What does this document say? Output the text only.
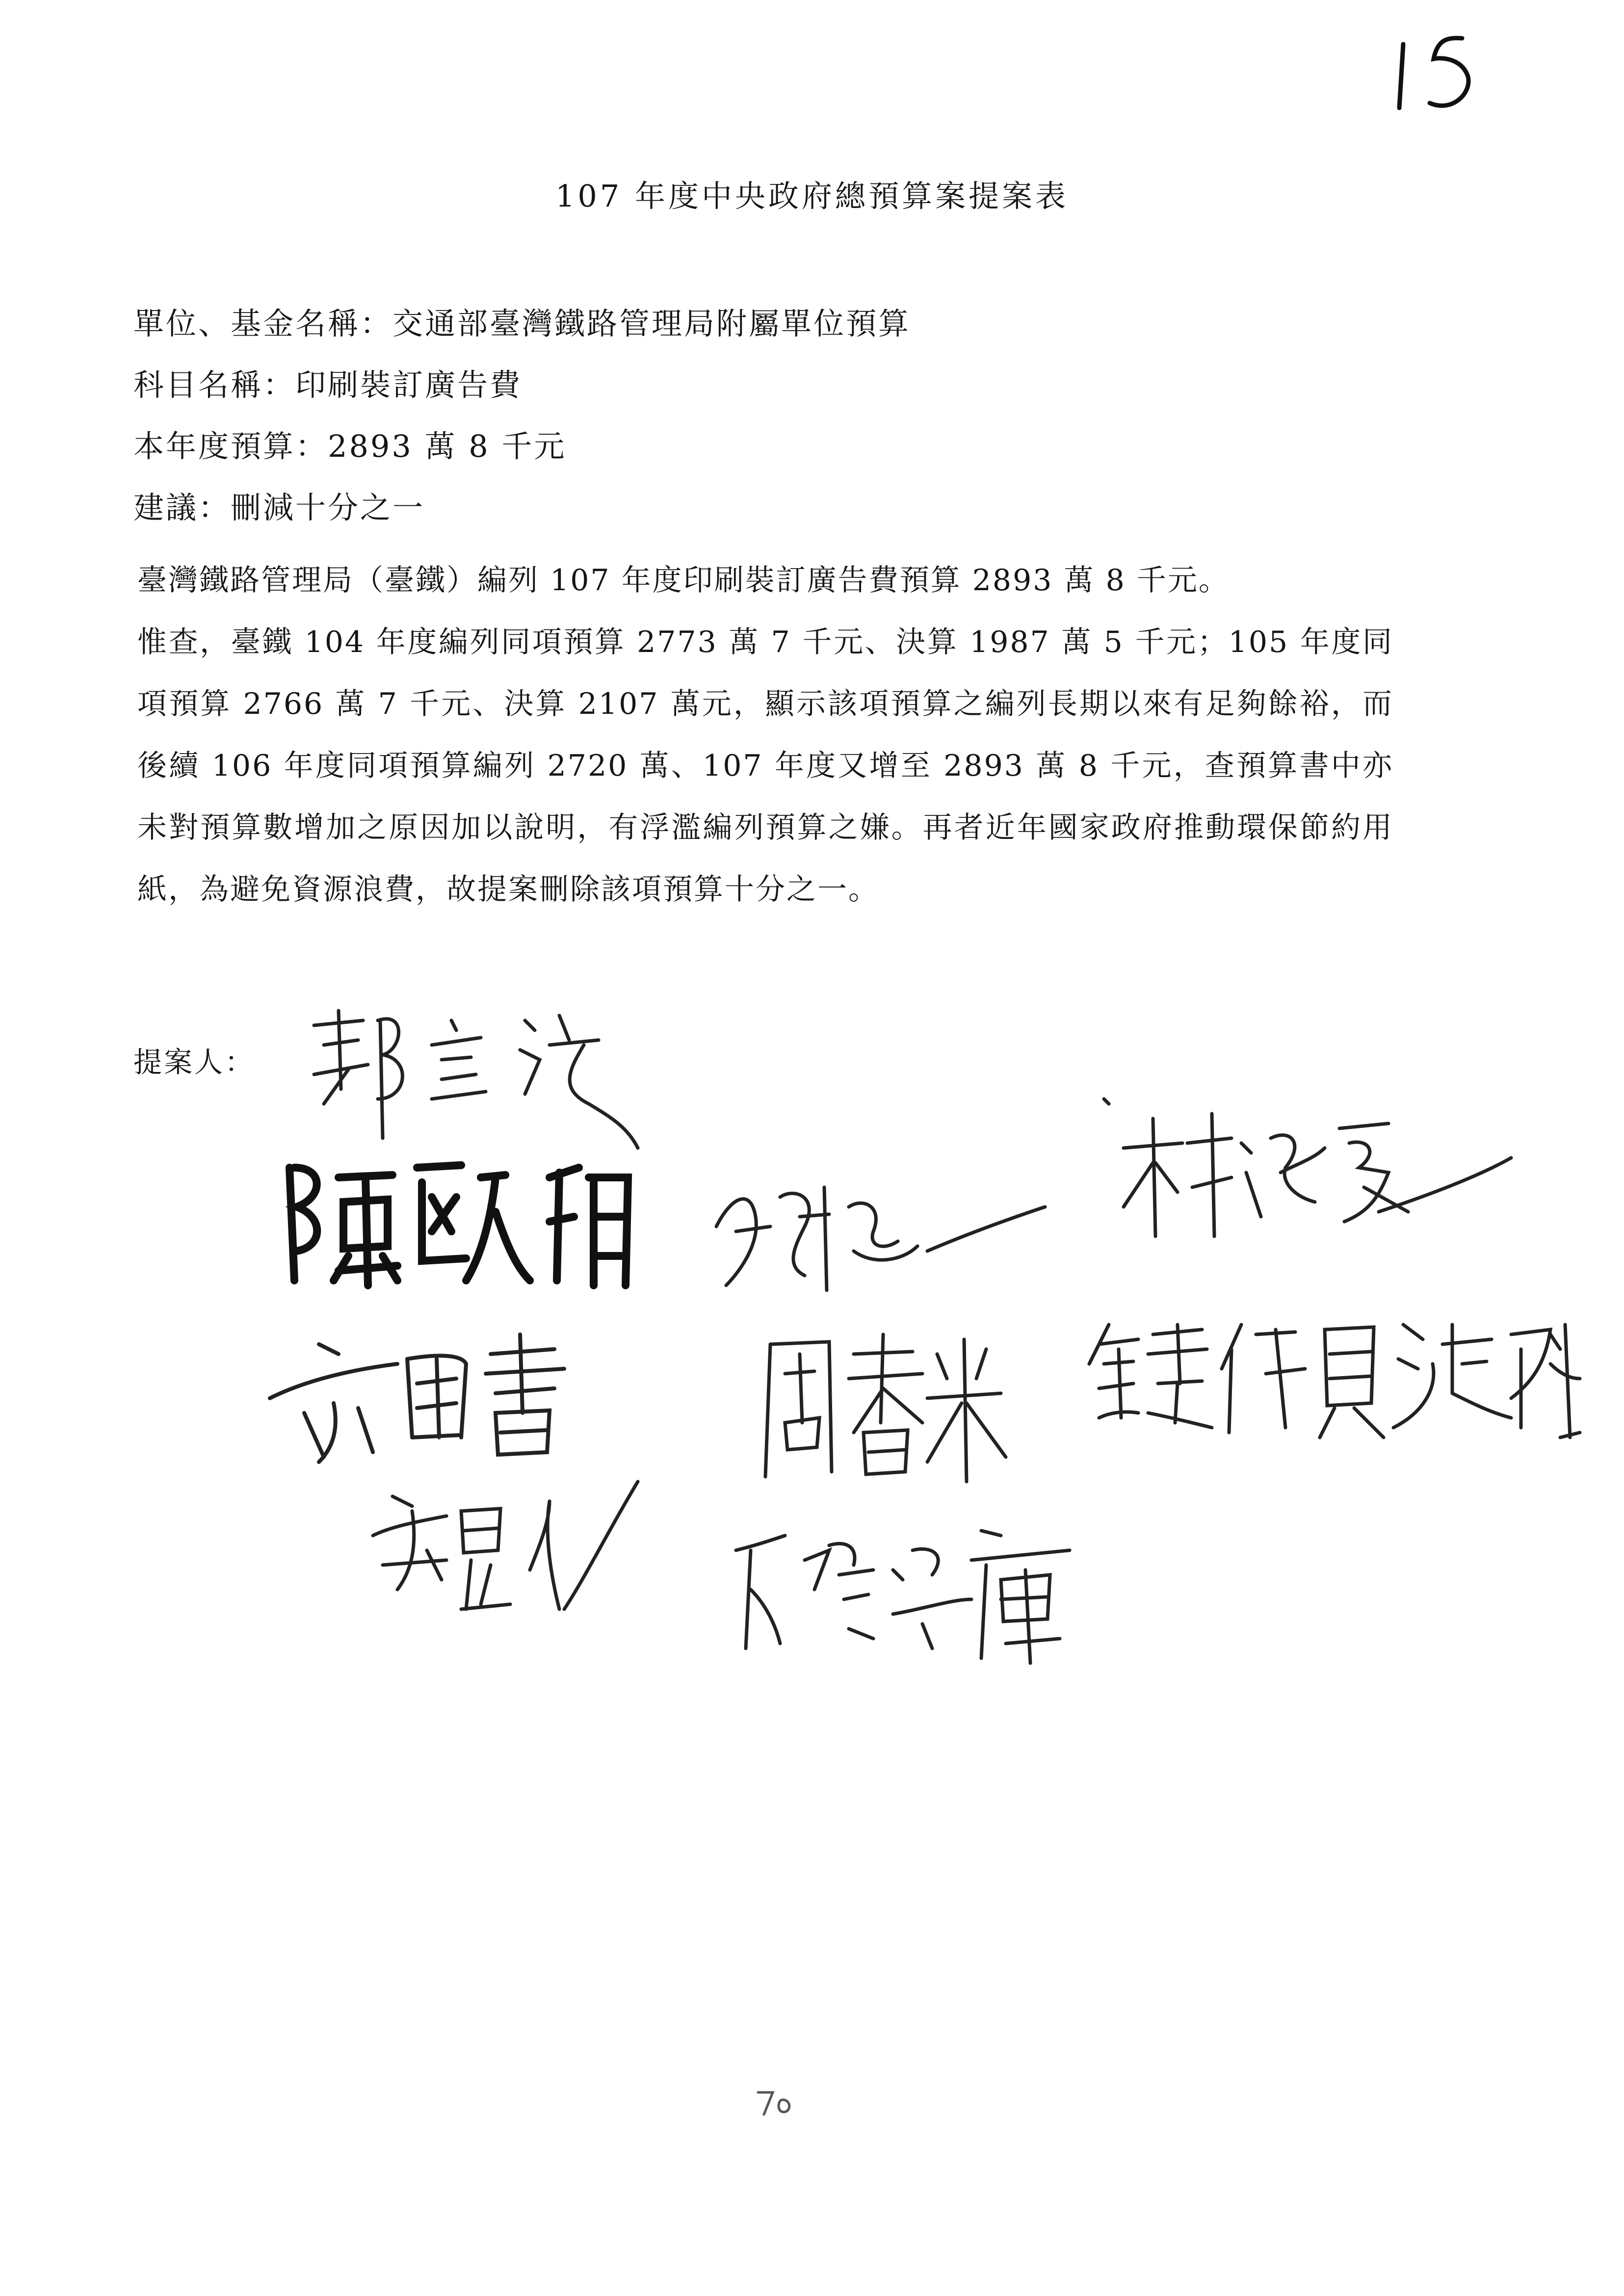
107 年度中央政府總預算案提案表
單位、基金名稱：交通部臺灣鐵路管理局附屬單位預算
科目名稱：印刷裝訂廣告費
本年度預算：2893 萬 8 千元
建議：刪減十分之一

臺灣鐵路管理局（臺鐵）編列 107 年度印刷裝訂廣告費預算 2893 萬 8 千元。

惟查，臺鐵 104 年度編列同項預算 2773 萬 7 千元、決算 1987 萬 5 千元；105 年度同項預算 2766 萬 7 千元、決算 2107 萬元，顯示該項預算之編列長期以來有足夠餘裕，而後續 106 年度同項預算編列 2720 萬、107 年度又增至 2893 萬 8 千元，查預算書中亦未對預算數增加之原因加以說明，有浮濫編列預算之嫌。再者近年國家政府推動環保節約用紙，為避免資源浪費，故提案刪除該項預算十分之一。

提案人：
